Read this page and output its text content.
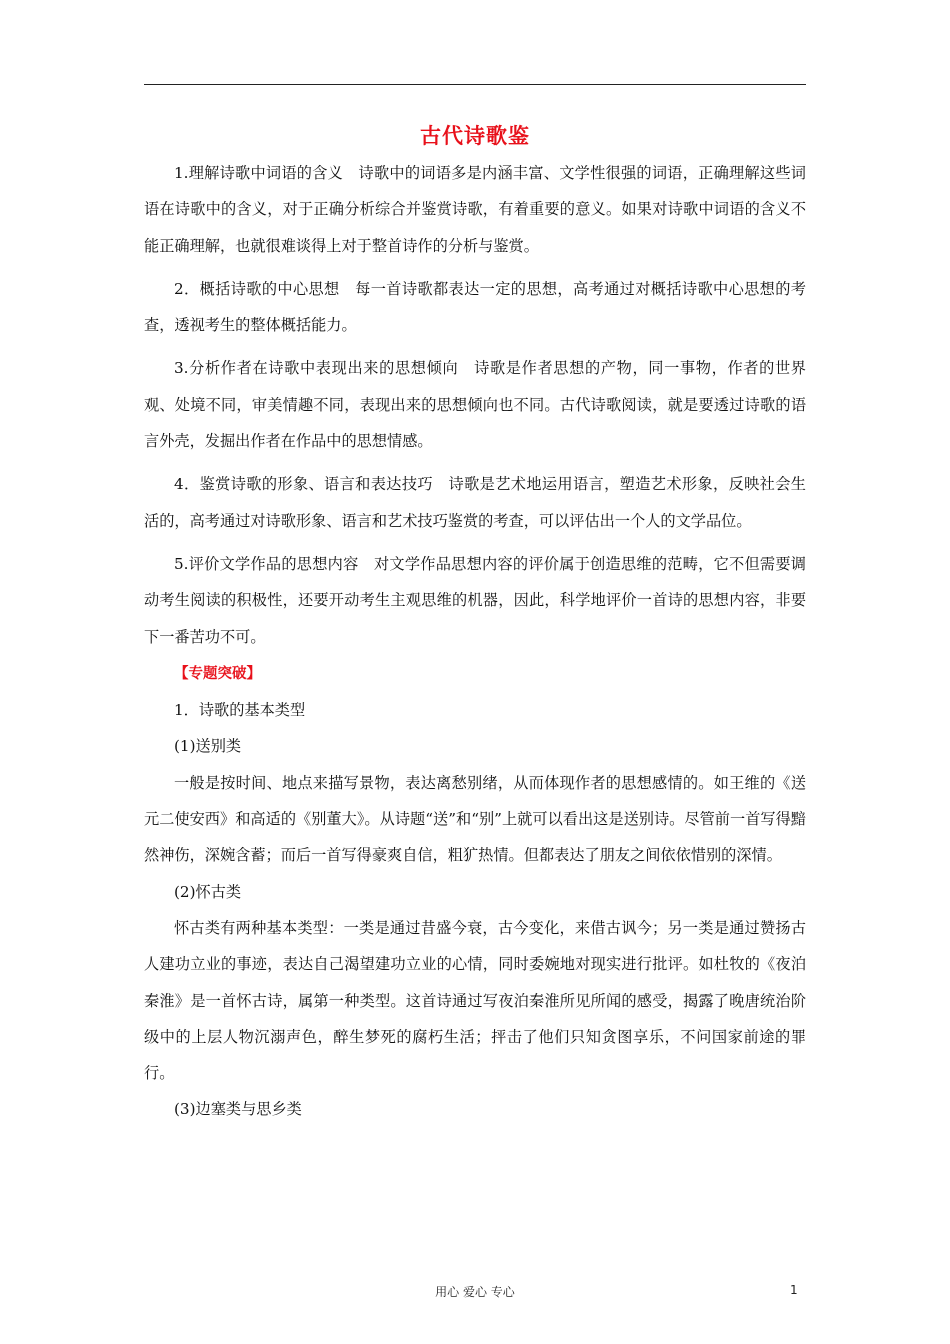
古代诗歌鉴

1.理解诗歌中词语的含义　诗歌中的词语多是内涵丰富、文学性很强的词语，正确理解这些词语在诗歌中的含义，对于正确分析综合并鉴赏诗歌，有着重要的意义。如果对诗歌中词语的含义不能正确理解，也就很难谈得上对于整首诗作的分析与鉴赏。

2．概括诗歌的中心思想　每一首诗歌都表达一定的思想，高考通过对概括诗歌中心思想的考查，透视考生的整体概括能力。

3.分析作者在诗歌中表现出来的思想倾向　诗歌是作者思想的产物，同一事物，作者的世界观、处境不同，审美情趣不同，表现出来的思想倾向也不同。古代诗歌阅读，就是要透过诗歌的语言外壳，发掘出作者在作品中的思想情感。

4．鉴赏诗歌的形象、语言和表达技巧　诗歌是艺术地运用语言，塑造艺术形象，反映社会生活的，高考通过对诗歌形象、语言和艺术技巧鉴赏的考查，可以评估出一个人的文学品位。

5.评价文学作品的思想内容　对文学作品思想内容的评价属于创造思维的范畴，它不但需要调动考生阅读的积极性，还要开动考生主观思维的机器，因此，科学地评价一首诗的思想内容，非要下一番苦功不可。

【专题突破】

1．诗歌的基本类型

(1)送别类

一般是按时间、地点来描写景物，表达离愁别绪，从而体现作者的思想感情的。如王维的《送元二使安西》和高适的《别董大》。从诗题“送”和“别”上就可以看出这是送别诗。尽管前一首写得黯然神伤，深婉含蓄；而后一首写得豪爽自信，粗犷热情。但都表达了朋友之间依依惜别的深情。

(2)怀古类

怀古类有两种基本类型：一类是通过昔盛今衰，古今变化，来借古讽今；另一类是通过赞扬古人建功立业的事迹，表达自己渴望建功立业的心情，同时委婉地对现实进行批评。如杜牧的《夜泊秦淮》是一首怀古诗，属第一种类型。这首诗通过写夜泊秦淮所见所闻的感受，揭露了晚唐统治阶级中的上层人物沉溺声色，醉生梦死的腐朽生活；抨击了他们只知贪图享乐，不问国家前途的罪行。

(3)边塞类与思乡类

用心 爱心 专心	1
